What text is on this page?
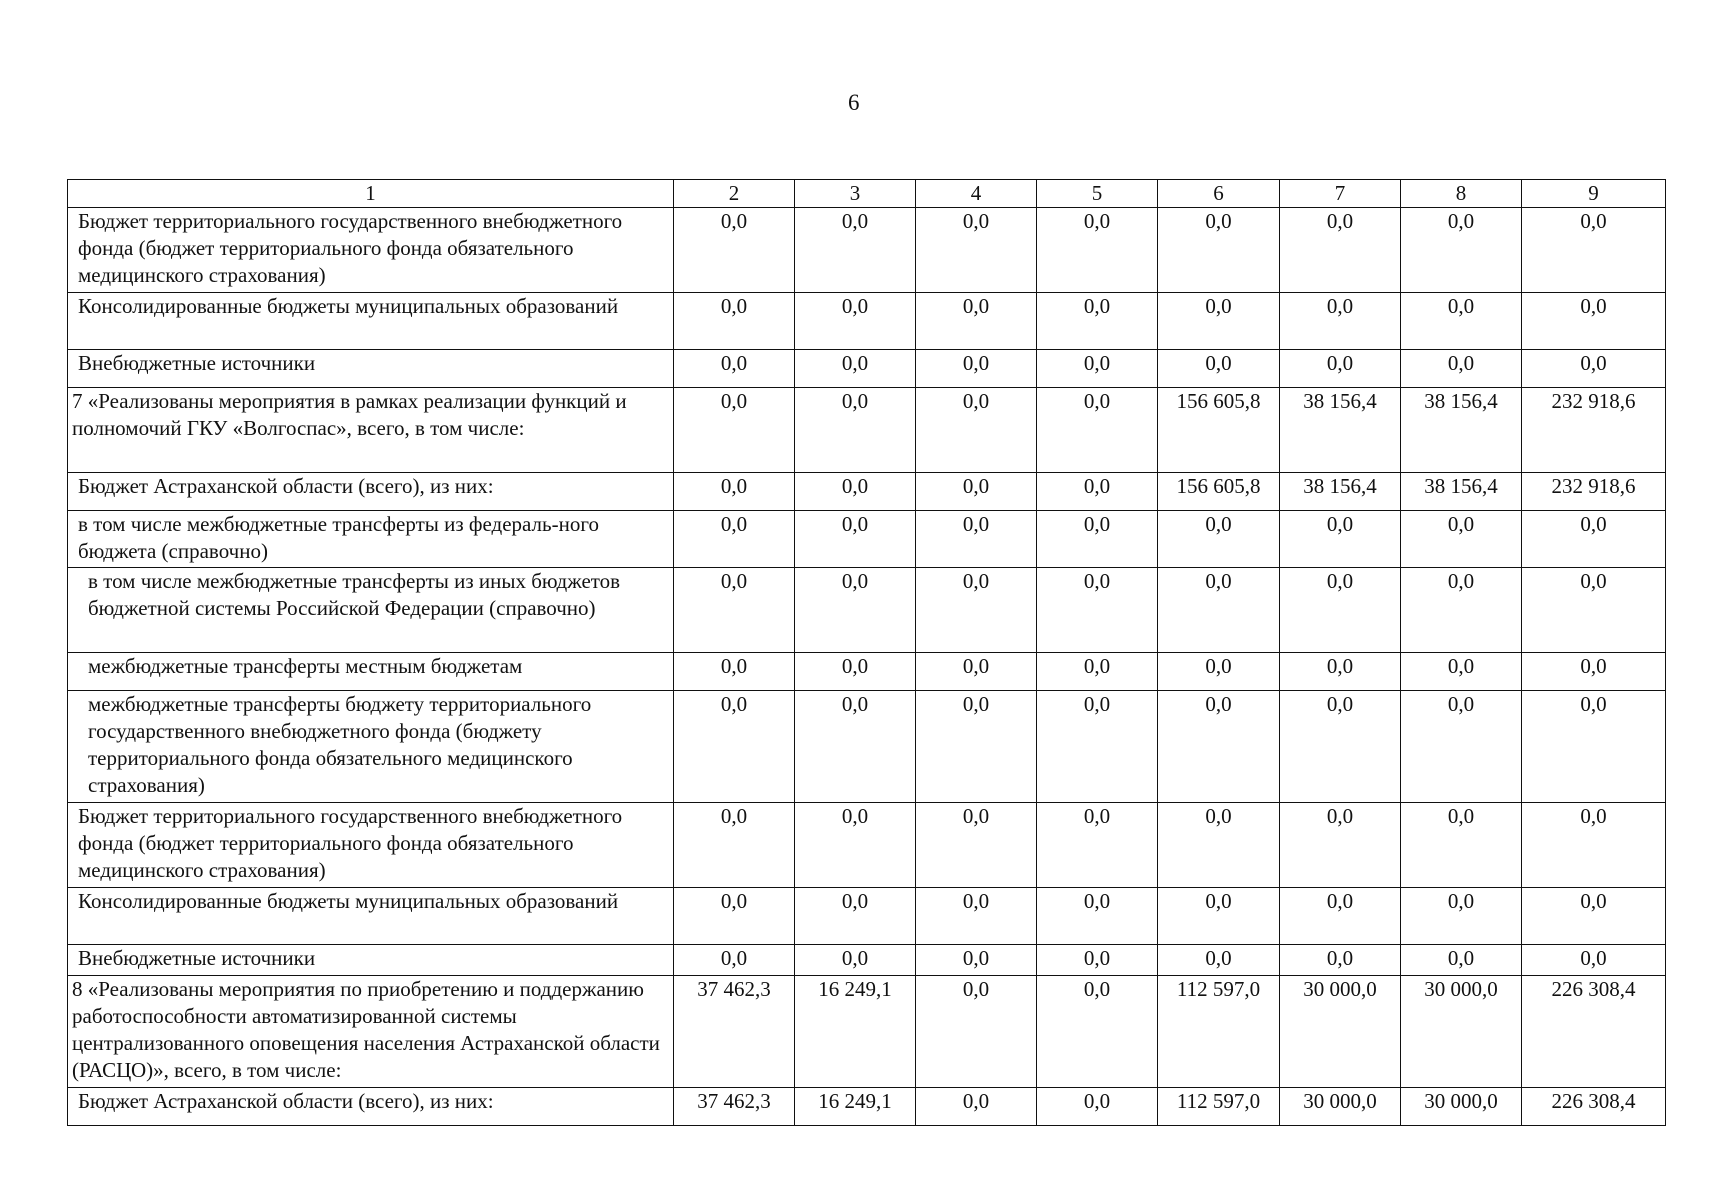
6
1	2	3	4	5	6	7	8	9
Бюджет территориального государственного внебюджетного фонда (бюджет территориального фонда обязательного медицинского страхования)	0,0	0,0	0,0	0,0	0,0	0,0	0,0	0,0
Консолидированные бюджеты муниципальных образований	0,0	0,0	0,0	0,0	0,0	0,0	0,0	0,0
Внебюджетные источники	0,0	0,0	0,0	0,0	0,0	0,0	0,0	0,0
7 «Реализованы мероприятия в рамках реализации функций и полномочий ГКУ «Волгоспас», всего, в том числе:	0,0	0,0	0,0	0,0	156 605,8	38 156,4	38 156,4	232 918,6
Бюджет Астраханской области (всего), из них:	0,0	0,0	0,0	0,0	156 605,8	38 156,4	38 156,4	232 918,6
в том числе межбюджетные трансферты из федераль-ного бюджета (справочно)	0,0	0,0	0,0	0,0	0,0	0,0	0,0	0,0
в том числе межбюджетные трансферты из иных бюджетов бюджетной системы Российской Федерации (справочно)	0,0	0,0	0,0	0,0	0,0	0,0	0,0	0,0
межбюджетные трансферты местным бюджетам	0,0	0,0	0,0	0,0	0,0	0,0	0,0	0,0
межбюджетные трансферты бюджету территориального государственного внебюджетного фонда (бюджету территориального фонда обязательного медицинского страхования)	0,0	0,0	0,0	0,0	0,0	0,0	0,0	0,0
Бюджет территориального государственного внебюджетного фонда (бюджет территориального фонда обязательного медицинского страхования)	0,0	0,0	0,0	0,0	0,0	0,0	0,0	0,0
Консолидированные бюджеты муниципальных образований	0,0	0,0	0,0	0,0	0,0	0,0	0,0	0,0
Внебюджетные источники	0,0	0,0	0,0	0,0	0,0	0,0	0,0	0,0
8 «Реализованы мероприятия по приобретению и поддержанию работоспособности автоматизированной системы централизованного оповещения населения Астраханской области (РАСЦО)», всего, в том числе:	37 462,3	16 249,1	0,0	0,0	112 597,0	30 000,0	30 000,0	226 308,4
Бюджет Астраханской области (всего), из них:	37 462,3	16 249,1	0,0	0,0	112 597,0	30 000,0	30 000,0	226 308,4
